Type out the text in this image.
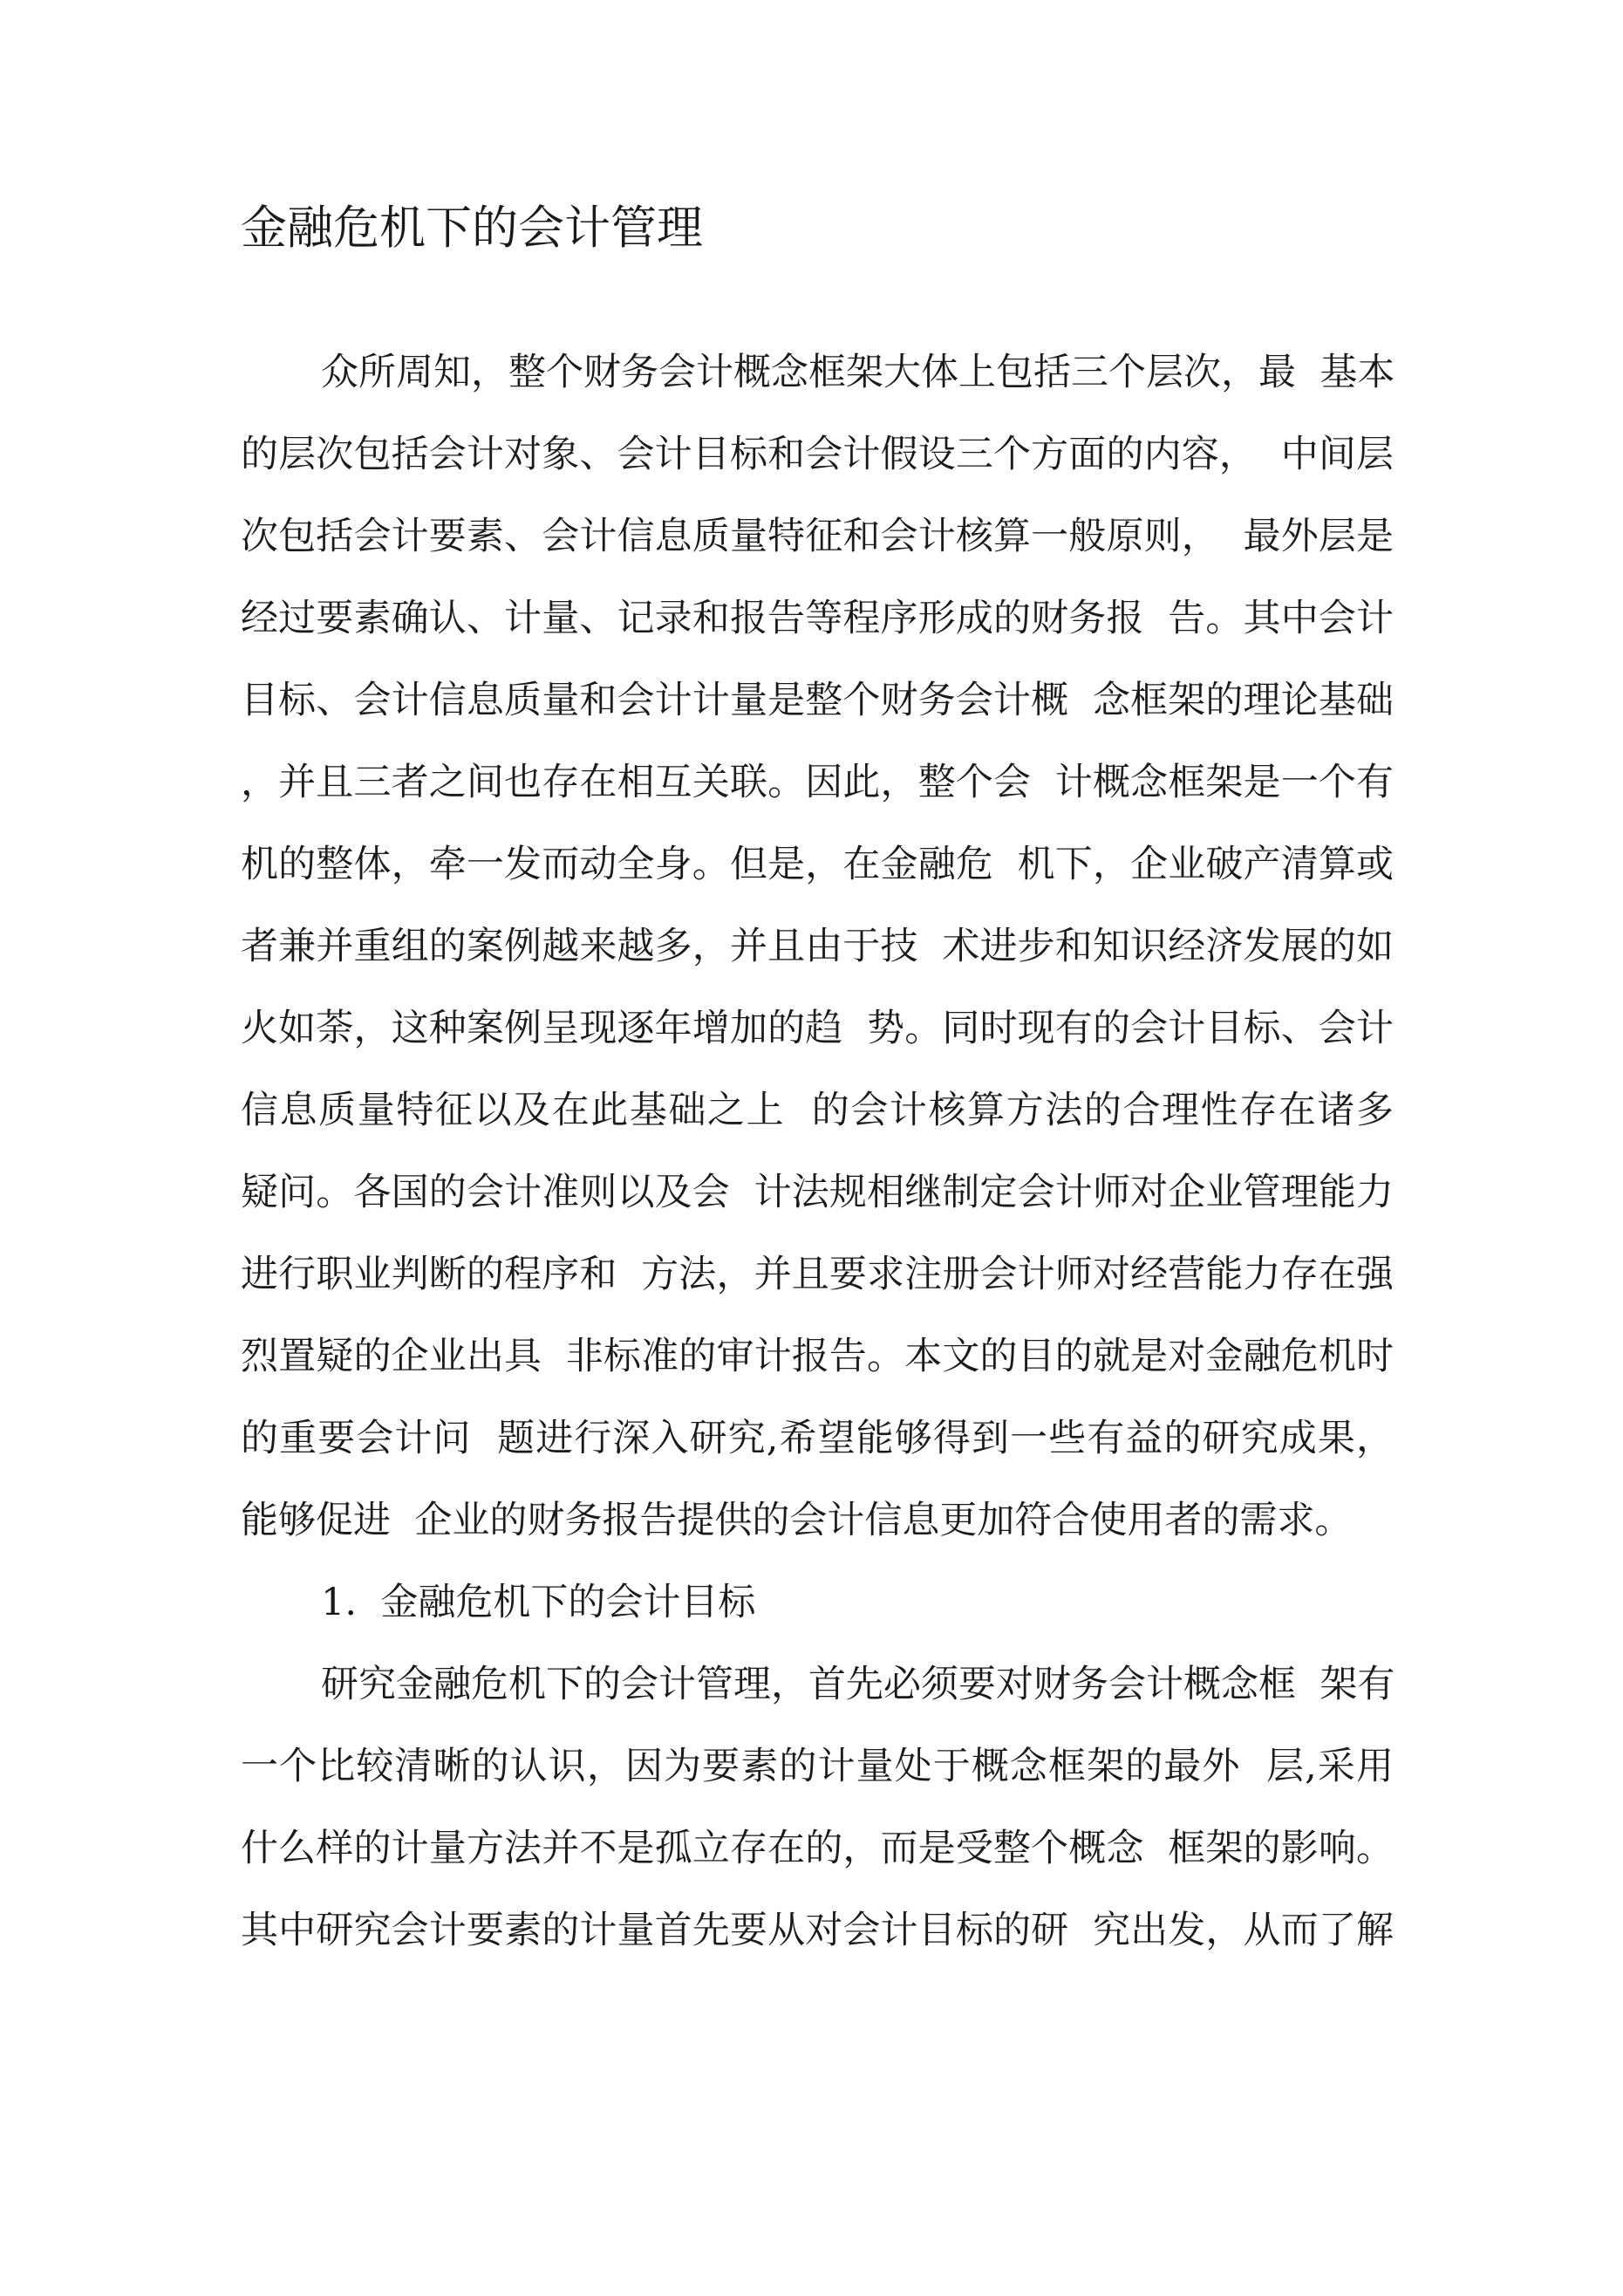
金融危机下的会计管理

众所周知，整个财务会计概念框架大体上包括三个层次，最  基本

的层次包括会计对象、会计目标和会计假设三个方面的内容，  中间层

次包括会计要素、会计信息质量特征和会计核算一般原则，  最外层是

经过要素确认、计量、记录和报告等程序形成的财务报  告。其中会计

目标、会计信息质量和会计计量是整个财务会计概  念框架的理论基础

，并且三者之间也存在相互关联。因此，整个会  计概念框架是一个有

机的整体，牵一发而动全身。但是，在金融危  机下，企业破产清算或

者兼并重组的案例越来越多，并且由于技  术进步和知识经济发展的如

火如荼，这种案例呈现逐年增加的趋  势。同时现有的会计目标、会计

信息质量特征以及在此基础之上  的会计核算方法的合理性存在诸多

疑问。各国的会计准则以及会  计法规相继制定会计师对企业管理能力

进行职业判断的程序和  方法，并且要求注册会计师对经营能力存在强

烈置疑的企业出具  非标准的审计报告。本文的目的就是对金融危机时

的重要会计问  题进行深入研究,希望能够得到一些有益的研究成果，

能够促进  企业的财务报告提供的会计信息更加符合使用者的需求。

1.  金融危机下的会计目标

研究金融危机下的会计管理，首先必须要对财务会计概念框  架有

一个比较清晰的认识，因为要素的计量处于概念框架的最外  层,采用

什么样的计量方法并不是孤立存在的，而是受整个概念  框架的影响。

其中研究会计要素的计量首先要从对会计目标的研  究出发，从而了解
